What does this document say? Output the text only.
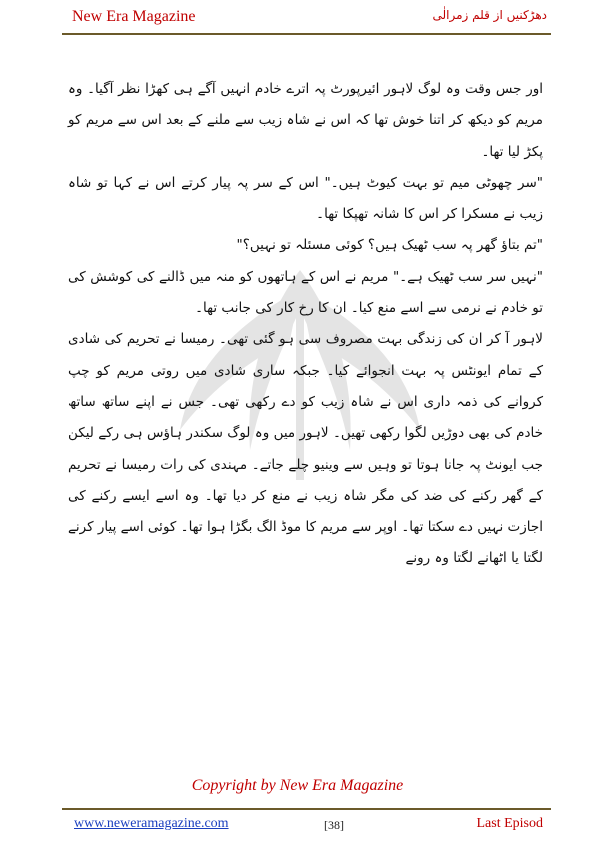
New Era Magazine	دھڑکنیں از قلم زمرالٰی

اور جس وقت وہ لوگ لاہور ائیرپورٹ پہ اترے خادم انہیں آگے ہی کھڑا نظر آگیا۔ وہ مریم کو دیکھ کر اتنا خوش تھا کہ اس نے شاہ زیب سے ملنے کے بعد اس سے مریم کو پکڑ لیا تھا۔

"سر چھوٹی میم تو بہت کیوٹ ہیں۔" اس کے سر پہ پیار کرتے اس نے کہا تو شاہ زیب نے مسکرا کر اس کا شانہ تھپکا تھا۔

"تم بتاؤ گھر پہ سب ٹھیک ہیں؟ کوئی مسئلہ تو نہیں؟"

"نہیں سر سب ٹھیک ہے۔" مریم نے اس کے ہاتھوں کو منہ میں ڈالنے کی کوشش کی تو خادم نے نرمی سے اسے منع کیا۔ ان کا رخ کار کی جانب تھا۔

لاہور آ کر ان کی زندگی بہت مصروف سی ہو گئی تھی۔ رمیسا نے تحریم کی شادی کے تمام ایونٹس پہ بہت انجوائے کیا۔ جبکہ ساری شادی میں روتی مریم کو چپ کروانے کی ذمہ داری اس نے شاہ زیب کو دے رکھی تھی۔ جس نے اپنے ساتھ ساتھ خادم کی بھی دوڑیں لگوا رکھی تھیں۔ لاہور میں وہ لوگ سکندر ہاؤس ہی رکے لیکن جب ایونٹ پہ جانا ہوتا تو وہیں سے وینیو چلے جاتے۔ مہندی کی رات رمیسا نے تحریم کے گھر رکنے کی ضد کی مگر شاہ زیب نے منع کر دیا تھا۔ وہ اسے ایسے رکنے کی اجازت نہیں دے سکتا تھا۔ اوپر سے مریم کا موڈ الگ بگڑا ہوا تھا۔ کوئی اسے پیار کرنے لگتا یا اٹھانے لگتا وہ رونے

Copyright by New Era Magazine
www.neweramagazine.com	[38]	Last Episod
